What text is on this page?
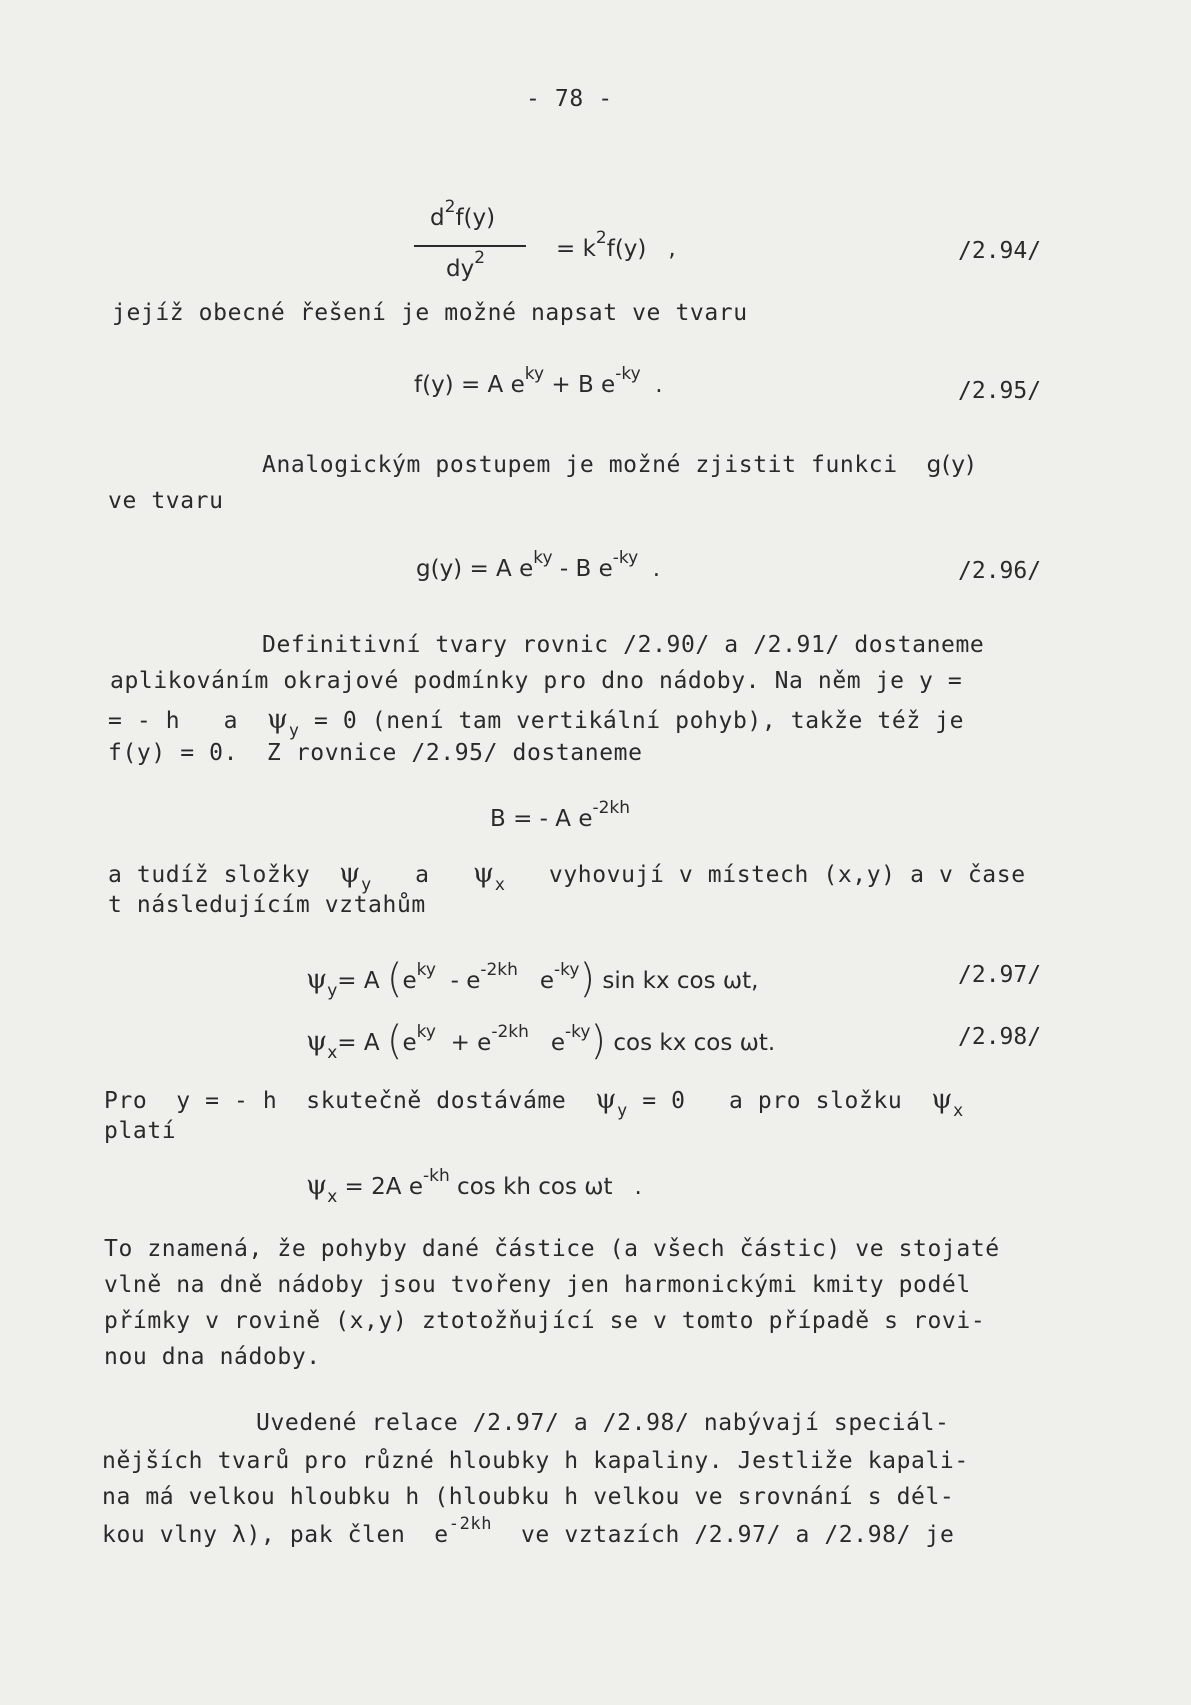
- 78 -
$d^2f(y)$
$dy^2$	= $k^2f(y)$   ,	/2.94/
jejíž obecné řešení je možné napsat ve tvaru
f(y) = A $e^{ky} + B$ $e^{-ky}$  .	/2.95/
Analogickým postupem je možné zjistit funkci  g(y)
ve tvaru
g(y) = A $e^{ky}$ - B $e^{-ky}$  .	/2.96/
Definitivní tvary rovnic /2.90/ a /2.91/ dostaneme
aplikováním okrajové podmínky pro dno nádoby. Na něm je y =
= - h   a  $\psi_y = 0$ (není tam vertikální pohyb), takže též je
f(y) = 0.  Z rovnice /2.95/ dostaneme
B = - A $e^{-2kh}$
a tudíž složky  $\psi_y$   a   $\psi_x$   vyhovují v místech (x,y) a v čase
t následujícím vztahům
$\psi_y= A$ ($e^{ky} - e^{-2kh}$   $e^{-ky}$) sin kx cos ωt,	/2.97/
$\psi_x= A$ ($e^{ky} + e^{-2kh}$   $e^{-ky}$) cos kx cos ωt.	/2.98/
Pro  y = - h  skutečně dostáváme  $\psi_y = 0$   a pro složku  $\psi_x$
platí
$\psi_x = 2A$ $e^{-kh}$ cos kh cos ωt   .
To znamená, že pohyby dané částice (a všech částic) ve stojaté
vlně na dně nádoby jsou tvořeny jen harmonickými kmity podél
přímky v rovině (x,y) ztotožňující se v tomto případě s rovi-
nou dna nádoby.
Uvedené relace /2.97/ a /2.98/ nabývají speciál-
nějších tvarů pro různé hloubky h kapaliny. Jestliže kapali-
na má velkou hloubku h (hloubku h velkou ve srovnání s dél-
kou vlny λ), pak člen  $e^{-2kh}$  ve vztazích /2.97/ a /2.98/ je
